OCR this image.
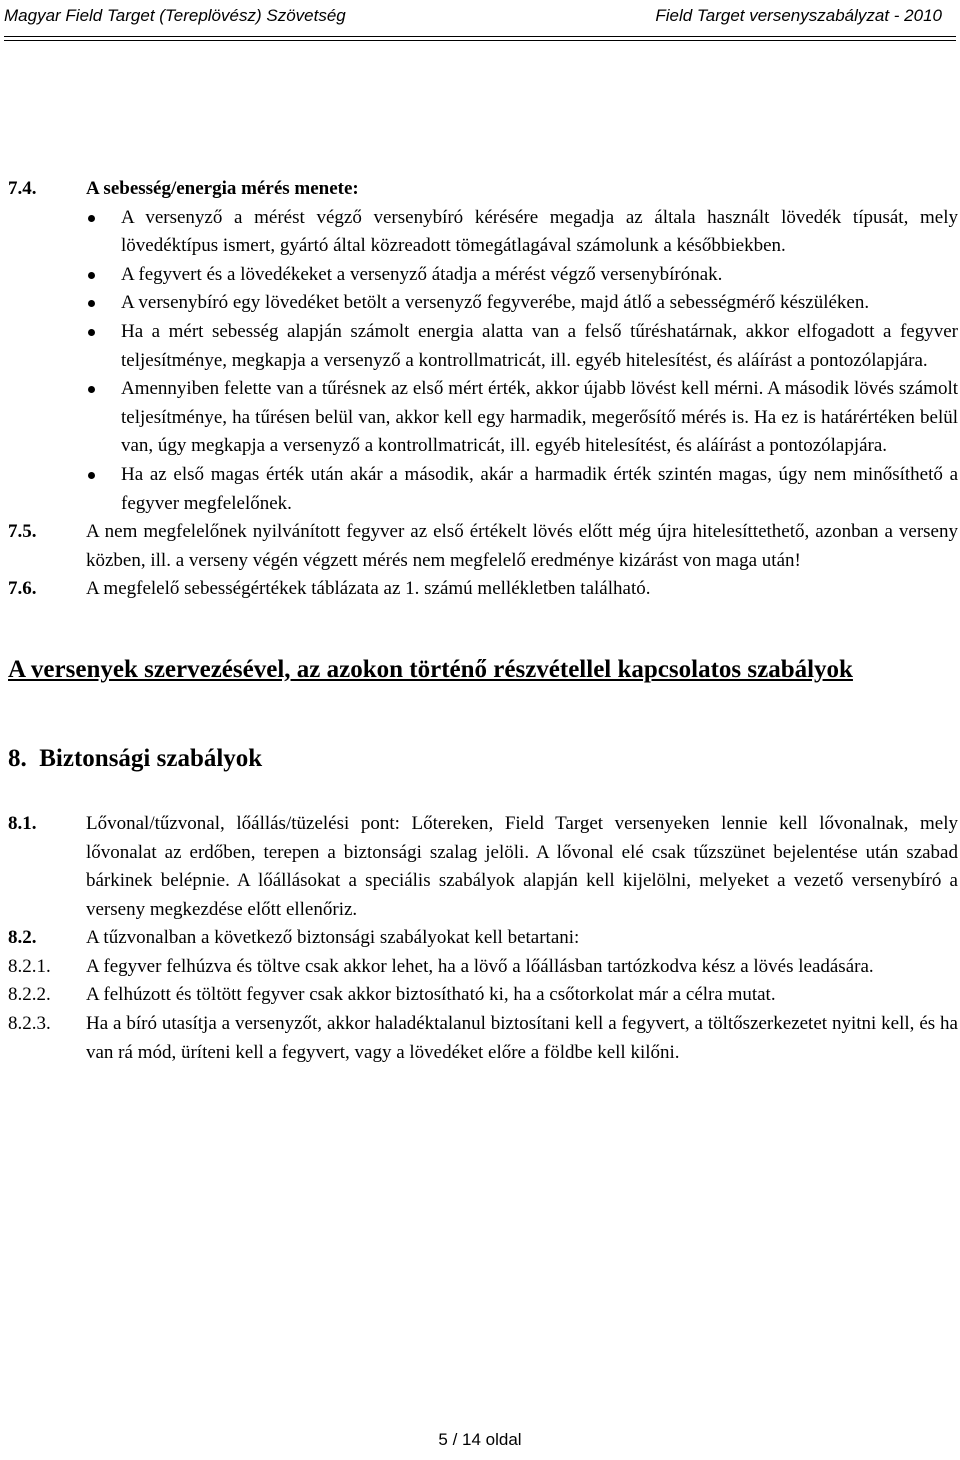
Magyar Field Target (Tereplövész) Szövetség	Field Target versenyszabályzat - 2010
7.4.	A sebesség/energia mérés menete:
A versenyző a mérést végző versenybíró kérésére megadja az általa használt lövedék típusát, mely lövedéktípus ismert, gyártó által közreadott tömegátlagával számolunk a későbbiekben.
A fegyvert és a lövedékeket a versenyző átadja a mérést végző versenybírónak.
A versenybíró egy lövedéket betölt a versenyző fegyverébe, majd átlő a sebességmérő készüléken.
Ha a mért sebesség alapján számolt energia alatta van a felső tűréshatárnak, akkor elfogadott a fegyver teljesítménye, megkapja a versenyző a kontrollmatricát, ill. egyéb hitelesítést, és aláírást a pontozólapjára.
Amennyiben felette van a tűrésnek az első mért érték, akkor újabb lövést kell mérni. A második lövés számolt teljesítménye, ha tűrésen belül van, akkor kell egy harmadik, megerősítő mérés is. Ha ez is határértéken belül van, úgy megkapja a versenyző a kontrollmatricát, ill. egyéb hitelesítést, és aláírást a pontozólapjára.
Ha az első magas érték után akár a második, akár a harmadik érték szintén magas, úgy nem minősíthető a fegyver megfelelőnek.
7.5.	A nem megfelelőnek nyilvánított fegyver az első értékelt lövés előtt még újra hitelesíttethető, azonban a verseny közben, ill. a verseny végén végzett mérés nem megfelelő eredménye kizárást von maga után!
7.6.	A megfelelő sebességértékek táblázata az 1. számú mellékletben található.
A versenyek szervezésével, az azokon történő részvétellel kapcsolatos szabályok
8.  Biztonsági szabályok
8.1.	Lővonal/tűzvonal, lőállás/tüzelési pont: Lőtereken, Field Target versenyeken lennie kell lővonalnak, mely lővonalat az erdőben, terepen a biztonsági szalag jelöli. A lővonal elé csak tűzszünet bejelentése után szabad bárkinek belépnie. A lőállásokat a speciális szabályok alapján kell kijelölni, melyeket a vezető versenybíró a verseny megkezdése előtt ellenőriz.
8.2.	A tűzvonalban a következő biztonsági szabályokat kell betartani:
8.2.1.	A fegyver felhúzva és töltve csak akkor lehet, ha a lövő a lőállásban tartózkodva kész a lövés leadására.
8.2.2.	A felhúzott és töltött fegyver csak akkor biztosítható ki, ha a csőtorkolat már a célra mutat.
8.2.3.	Ha a bíró utasítja a versenyzőt, akkor haladéktalanul biztosítani kell a fegyvert, a töltőszerkezetet nyitni kell, és ha van rá mód, üríteni kell a fegyvert, vagy a lövedéket előre a földbe kell kilőni.
5 / 14 oldal
